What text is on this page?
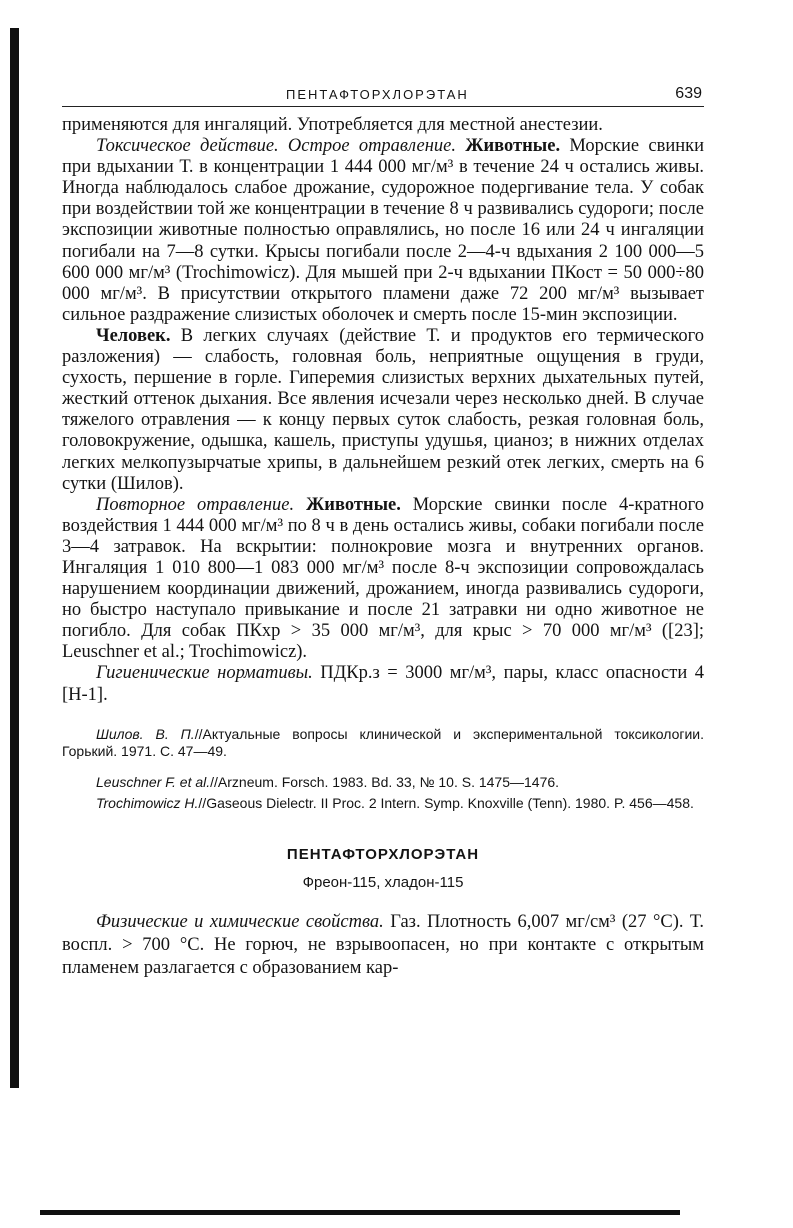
ПЕНТАФТОРХЛОРЭТАН	639

применяются для ингаляций. Употребляется для местной анестезии.

Токсическое действие. Острое отравление. Животные. Морские свинки при вдыхании Т. в концентрации 1 444 000 мг/м³ в течение 24 ч остались живы. Иногда наблюдалось слабое дрожание, судорожное подергивание тела. У собак при воздействии той же концентрации в течение 8 ч развивались судороги; после экспозиции животные полностью оправлялись, но после 16 или 24 ч ингаляции погибали на 7—8 сутки. Крысы погибали после 2—4-ч вдыхания 2 100 000—5 600 000 мг/м³ (Trochimowicz). Для мышей при 2-ч вдыхании ПКост = 50 000÷80 000 мг/м³. В присутствии открытого пламени даже 72 200 мг/м³ вызывает сильное раздражение слизистых оболочек и смерть после 15-мин экспозиции.

Человек. В легких случаях (действие Т. и продуктов его термического разложения) — слабость, головная боль, неприятные ощущения в груди, сухость, першение в горле. Гиперемия слизистых верхних дыхательных путей, жесткий оттенок дыхания. Все явления исчезали через несколько дней. В случае тяжелого отравления — к концу первых суток слабость, резкая головная боль, головокружение, одышка, кашель, приступы удушья, цианоз; в нижних отделах легких мелкопузырчатые хрипы, в дальнейшем резкий отек легких, смерть на 6 сутки (Шилов).

Повторное отравление. Животные. Морские свинки после 4-кратного воздействия 1 444 000 мг/м³ по 8 ч в день остались живы, собаки погибали после 3—4 затравок. На вскрытии: полнокровие мозга и внутренних органов. Ингаляция 1 010 800—1 083 000 мг/м³ после 8-ч экспозиции сопровождалась нарушением координации движений, дрожанием, иногда развивались судороги, но быстро наступало привыкание и после 21 затравки ни одно животное не погибло. Для собак ПКхр > 35 000 мг/м³, для крыс > 70 000 мг/м³ ([23]; Leuschner et al.; Trochimowicz).

Гигиенические нормативы. ПДКр.з = 3000 мг/м³, пары, класс опасности 4 [Н-1].

Шилов. В. П.//Актуальные вопросы клинической и экспериментальной токсикологии. Горький. 1971. С. 47—49.

Leuschner F. et al.//Arzneum. Forsch. 1983. Bd. 33, № 10. S. 1475—1476.

Trochimowicz H.//Gaseous Dielectr. II Proc. 2 Intern. Symp. Knoxville (Tenn). 1980. P. 456—458.

ПЕНТАФТОРХЛОРЭТАН
Фреон-115, хладон-115

Физические и химические свойства. Газ. Плотность 6,007 мг/см³ (27 °C). Т. воспл. > 700 °C. Не горюч, не взрывоопасен, но при контакте с открытым пламенем разлагается с образованием кар-
